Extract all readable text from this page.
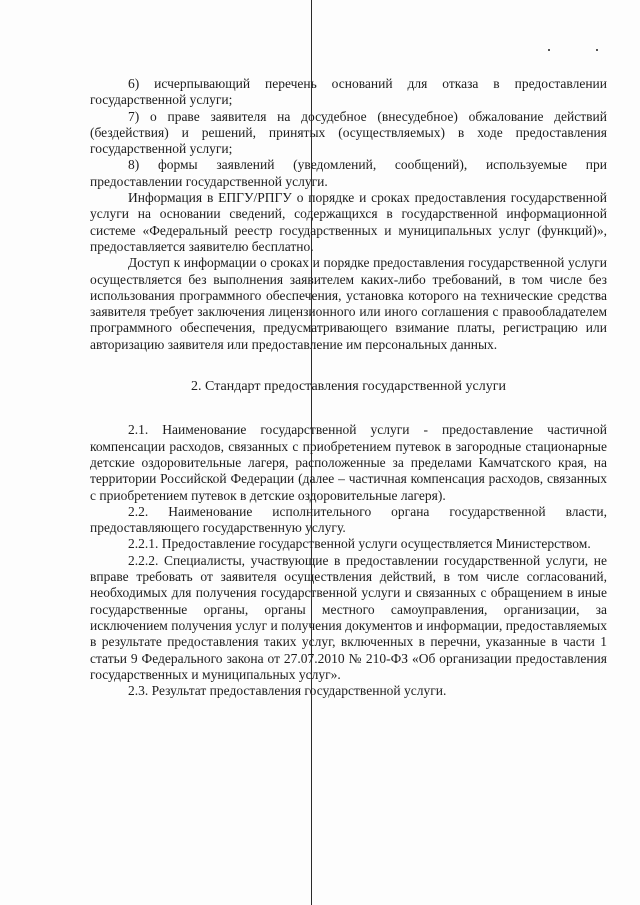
6) исчерпывающий перечень оснований для отказа в предоставлении государственной услуги;

7) о праве заявителя на досудебное (внесудебное) обжалование действий (бездействия) и решений, принятых (осуществляемых) в ходе предоставления государственной услуги;

8) формы заявлений (уведомлений, сообщений), используемые при предоставлении государственной услуги.

Информация в ЕПГУ/РПГУ о порядке и сроках предоставления государственной услуги на основании сведений, содержащихся в государственной информационной системе «Федеральный реестр государственных и муниципальных услуг (функций)», предоставляется заявителю бесплатно.

Доступ к информации о сроках и порядке предоставления государственной услуги осуществляется без выполнения заявителем каких-либо требований, в том числе без использования программного обеспечения, установка которого на технические средства заявителя требует заключения лицензионного или иного соглашения с правообладателем программного обеспечения, предусматривающего взимание платы, регистрацию или авторизацию заявителя или предоставление им персональных данных.

2. Стандарт предоставления государственной услуги

2.1. Наименование государственной услуги - предоставление частичной компенсации расходов, связанных с приобретением путевок в загородные стационарные детские оздоровительные лагеря, расположенные за пределами Камчатского края, на территории Российской Федерации (далее – частичная компенсация расходов, связанных с приобретением путевок в детские оздоровительные лагеря).

2.2. Наименование исполнительного органа государственной власти, предоставляющего государственную услугу.

2.2.1. Предоставление государственной услуги осуществляется Министерством.

2.2.2. Специалисты, участвующие в предоставлении государственной услуги, не вправе требовать от заявителя осуществления действий, в том числе согласований, необходимых для получения государственной услуги и связанных с обращением в иные государственные органы, органы местного самоуправления, организации, за исключением получения услуг и получения документов и информации, предоставляемых в результате предоставления таких услуг, включенных в перечни, указанные в части 1 статьи 9 Федерального закона от 27.07.2010 № 210-ФЗ «Об организации предоставления государственных и муниципальных услуг».

2.3. Результат предоставления государственной услуги.
